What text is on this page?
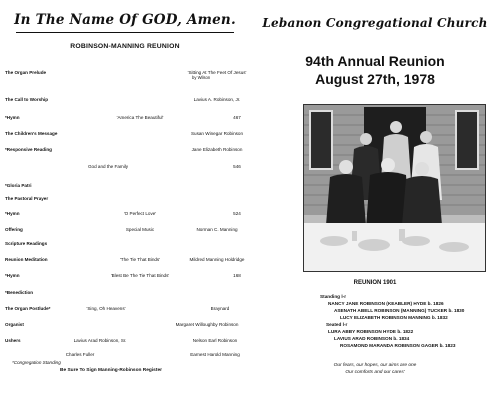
In The Name Of GOD, Amen.
ROBINSON-MANNING REUNION
The Organ Prelude	'Sitting At The Feet Of Jesus'
by Wilson
The Call to Worship	Lavius A. Robinson, Jr.
*Hymn	'America The Beautiful'	467
The Children's Message	Susan Winegar Robinson
*Responsive Reading	Jane Elizabeth Robinson
God and the Family	546
*Gloria Patri
The Pastoral Prayer
*Hymn	'O Perfect Love'	524
Offering	Special Music	Norman C. Manning
Scripture Readings
Reunion Meditation	'The Tie That Binds'	Mildred Manning Holdridge
*Hymn	'Blest Be The Tie That Binds'	168
*Benediction
The Organ Postlude*	'Sing, Oh Heavens'	Braynard
Organist	Margaret Willoughby Robinson
Ushers	Lavius Arad Robinson, Sr.	Nelson Earl Robinson
Charles Fuller	Earnest Harold Manning
*Congregation Standing
Be Sure To Sign Manning-Robinson Register
Lebanon Congregational Church
94th Annual Reunion
August 27th, 1978
REUNION 1901
Standing l-r
NANCY JANE ROBINSON (KEABLER) HYDE b. 1826
ASENATH ABELL ROBINSON (MANNING) TUCKER b. 1830
LUCY ELIZABETH ROBINSON MANNING b. 1832
Seated l-r
LURA ABBY ROBINSON HYDE b. 1822
LAVIUS ARAD ROBINSON b. 1834
ROSAMOND MARANDA ROBINSON GAGER b. 1823
Our fears, our hopes, our aims are one
Our comforts and our cares'
